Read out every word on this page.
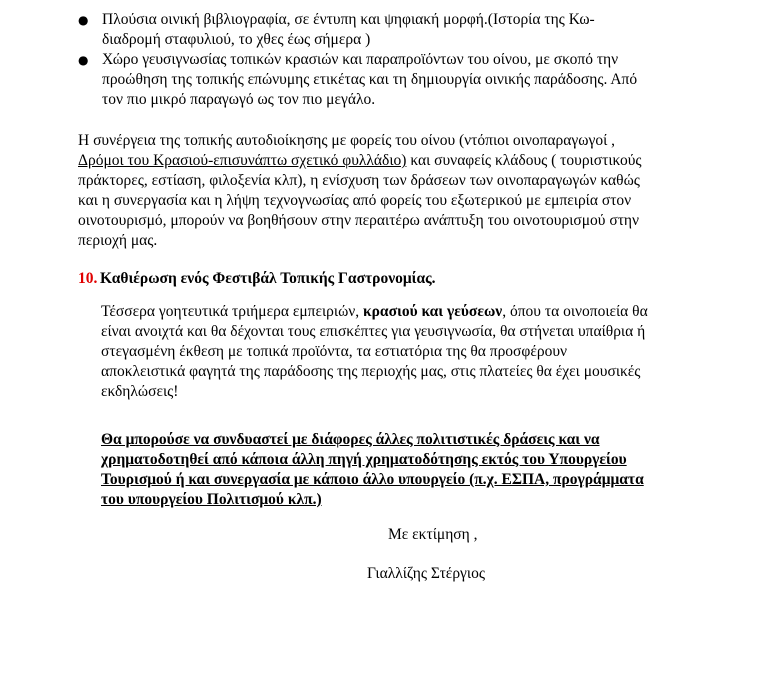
● Πλούσια οινική βιβλιογραφία, σε έντυπη και ψηφιακή μορφή.(Ιστορία της Κω-
διαδρομή σταφυλιού, το χθες έως σήμερα )
● Χώρο γευσιγνωσίας τοπικών κρασιών και παραπροϊόντων του οίνου, με σκοπό την
προώθηση της τοπικής επώνυμης ετικέτας και τη δημιουργία οινικής παράδοσης. Από
τον πιο μικρό παραγωγό ως τον πιο μεγάλο.

Η συνέργεια της τοπικής αυτοδιοίκησης με φορείς του οίνου (ντόπιοι οινοπαραγωγοί ,
Δρόμοι του Κρασιού-επισυνάπτω σχετικό φυλλάδιο) και συναφείς κλάδους ( τουριστικούς
πράκτορες, εστίαση, φιλοξενία κλπ), η ενίσχυση των δράσεων των οινοπαραγωγών καθώς
και η συνεργασία και η λήψη τεχνογνωσίας από φορείς του εξωτερικού με εμπειρία στον
οινοτουρισμό, μπορούν να βοηθήσουν στην περαιτέρω ανάπτυξη του οινοτουρισμού στην
περιοχή μας.

10. Καθιέρωση ενός Φεστιβάλ Τοπικής Γαστρονομίας.

Τέσσερα γοητευτικά τριήμερα εμπειριών, κρασιού και γεύσεων, όπου τα οινοποιεία θα
είναι ανοιχτά και θα δέχονται τους επισκέπτες για γευσιγνωσία, θα στήνεται υπαίθρια ή
στεγασμένη έκθεση με τοπικά προϊόντα, τα εστιατόρια της θα προσφέρουν
αποκλειστικά φαγητά της παράδοσης της περιοχής μας, στις πλατείες θα έχει μουσικές
εκδηλώσεις!

Θα μπορούσε να συνδυαστεί με διάφορες άλλες πολιτιστικές δράσεις και να
χρηματοδοτηθεί από κάποια άλλη πηγή χρηματοδότησης εκτός του Υπουργείου
Τουρισμού ή και συνεργασία με κάποιο άλλο υπουργείο (π.χ. ΕΣΠΑ, προγράμματα
του υπουργείου Πολιτισμού κλπ.)

Με εκτίμηση ,

Γιαλλίζης Στέργιος
